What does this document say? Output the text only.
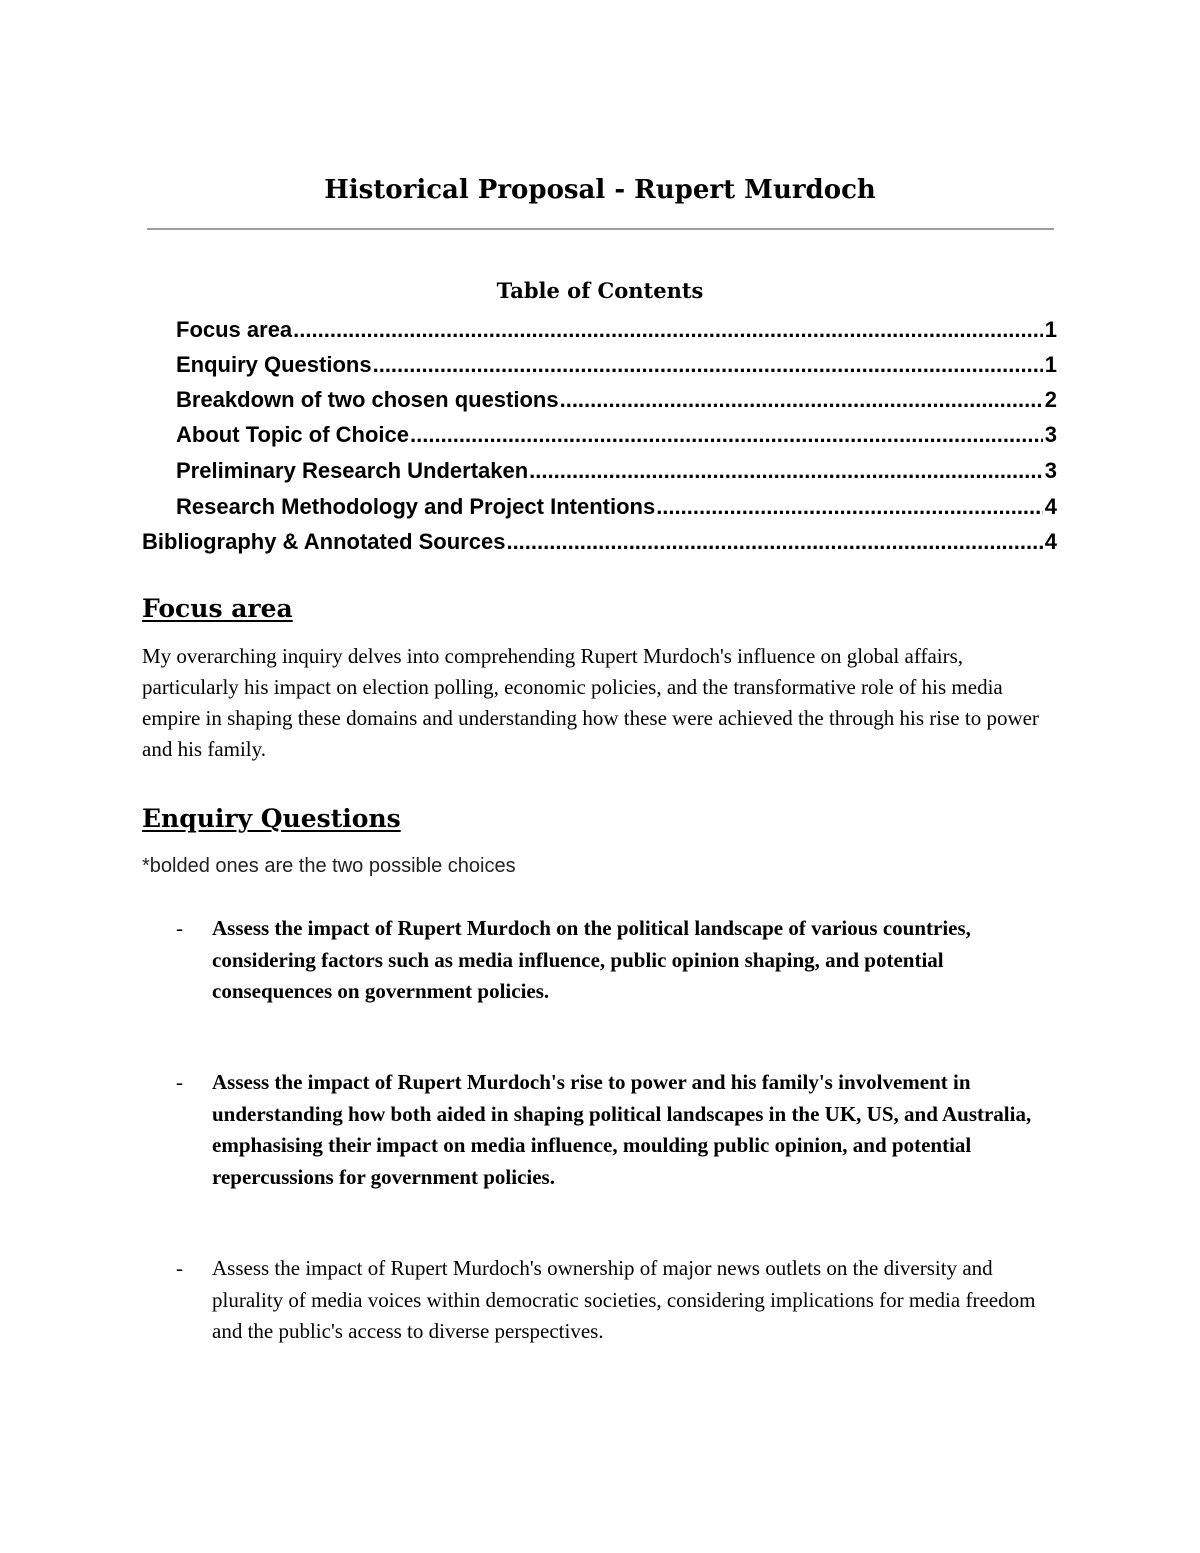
Historical Proposal - Rupert Murdoch
Table of Contents
Focus area .....	1
Enquiry Questions .....	1
Breakdown of two chosen questions .....	2
About Topic of Choice .....	3
Preliminary Research Undertaken .....	3
Research Methodology and Project Intentions .....	4
Bibliography & Annotated Sources .....	4
Focus area

My overarching inquiry delves into comprehending Rupert Murdoch's influence on global affairs, particularly his impact on election polling, economic policies, and the transformative role of his media empire in shaping these domains and understanding how these were achieved the through his rise to power and his family.

Enquiry Questions

*bolded ones are the two possible choices

-	Assess the impact of Rupert Murdoch on the political landscape of various countries, considering factors such as media influence, public opinion shaping, and potential consequences on government policies.
-	Assess the impact of Rupert Murdoch's rise to power and his family's involvement in understanding how both aided in shaping political landscapes in the UK, US, and Australia, emphasising their impact on media influence, moulding public opinion, and potential repercussions for government policies.
-	Assess the impact of Rupert Murdoch's ownership of major news outlets on the diversity and plurality of media voices within democratic societies, considering implications for media freedom and the public's access to diverse perspectives.
